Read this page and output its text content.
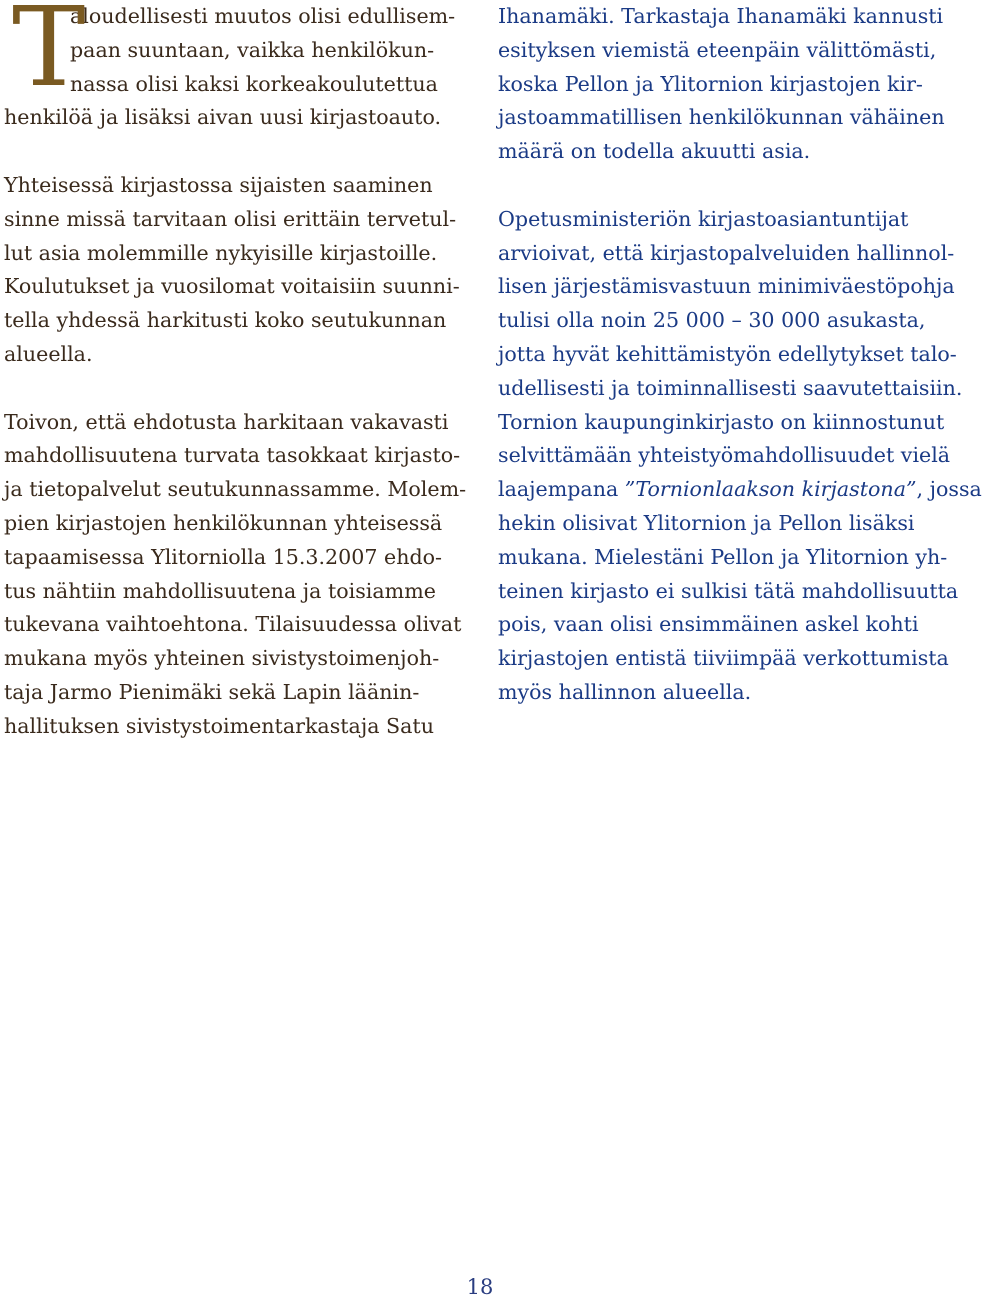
T
aloudellisesti muutos olisi edullisem-
paan suuntaan, vaikka henkilökun-
nassa olisi kaksi korkeakoulutettua
henkilöä ja lisäksi aivan uusi kirjastoauto.
Yhteisessä kirjastossa sijaisten saaminen
sinne missä tarvitaan olisi erittäin tervetul-
lut asia molemmille nykyisille kirjastoille.
Koulutukset ja vuosilomat voitaisiin suunni-
tella yhdessä harkitusti koko seutukunnan
alueella.
Toivon, että ehdotusta harkitaan vakavasti
mahdollisuutena turvata tasokkaat kirjasto-
ja tietopalvelut seutukunnassamme. Molem-
pien kirjastojen henkilökunnan yhteisessä
tapaamisessa Ylitorniolla 15.3.2007 ehdo-
tus nähtiin mahdollisuutena ja toisiamme
tukevana vaihtoehtona. Tilaisuudessa olivat
mukana myös yhteinen sivistystoimenjoh-
taja Jarmo Pienimäki sekä Lapin läänin-
hallituksen sivistystoimentarkastaja Satu
Ihanamäki. Tarkastaja Ihanamäki kannusti
esityksen viemistä eteenpäin välittömästi,
koska Pellon ja Ylitornion kirjastojen kir-
jastoammatillisen henkilökunnan vähäinen
määrä on todella akuutti asia.
Opetusministeriön kirjastoasiantuntijat
arvioivat, että kirjastopalveluiden hallinnol-
lisen järjestämisvastuun minimiväestöpohja
tulisi olla noin 25 000 – 30 000 asukasta,
jotta hyvät kehittämistyön edellytykset talo-
udellisesti ja toiminnallisesti saavutettaisiin.
Tornion kaupunginkirjasto on kiinnostunut
selvittämään yhteistyömahdollisuudet vielä
laajempana ”Tornionlaakson kirjastona”, jossa
hekin olisivat Ylitornion ja Pellon lisäksi
mukana. Mielestäni Pellon ja Ylitornion yh-
teinen kirjasto ei sulkisi tätä mahdollisuutta
pois, vaan olisi ensimmäinen askel kohti
kirjastojen entistä tiiviimpää verkottumista
myös hallinnon alueella.
18
